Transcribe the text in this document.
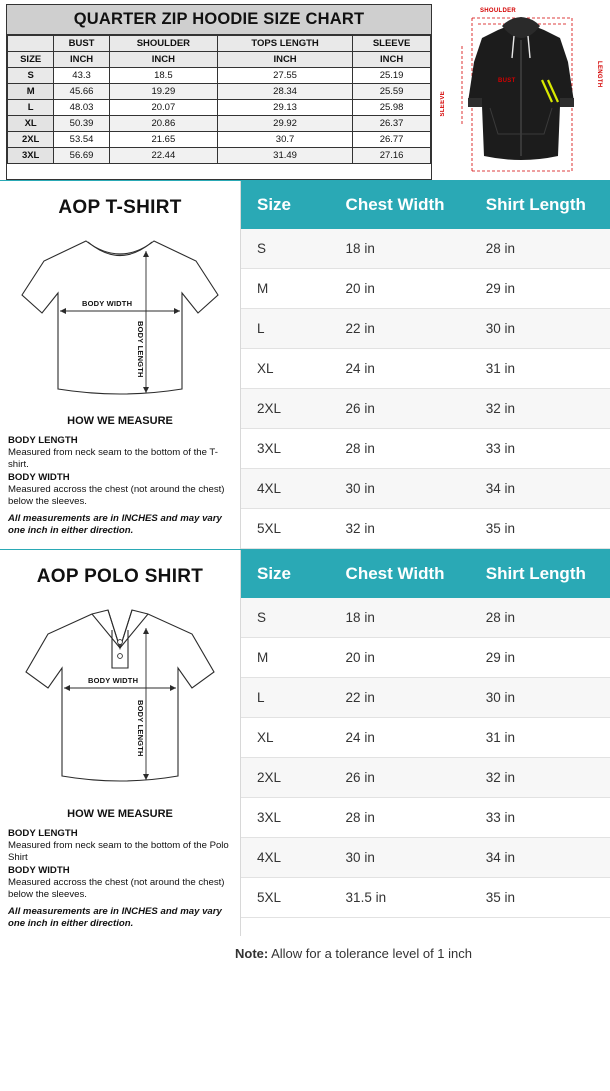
QUARTER ZIP HOODIE SIZE CHART
	BUST	SHOULDER	TOPS LENGTH	SLEEVE
SIZE	INCH	INCH	INCH	INCH
S	43.3	18.5	27.55	25.19
M	45.66	19.29	28.34	25.59
L	48.03	20.07	29.13	25.98
XL	50.39	20.86	29.92	26.37
2XL	53.54	21.65	30.7	26.77
3XL	56.69	22.44	31.49	27.16
SHOULDER
BUST	LENGTH
SLEEVE
AOP T-SHIRT
BODY WIDTH
BODY LENGTH
HOW WE MEASURE
BODY LENGTH
Measured from neck seam to the bottom of the T-shirt.
BODY WIDTH
Measured accross the chest (not around the chest) below the sleeves.
All measurements are in INCHES and may vary one inch in either direction.
Size	Chest Width	Shirt Length
S	18 in	28 in
M	20 in	29 in
L	22 in	30 in
XL	24 in	31 in
2XL	26 in	32 in
3XL	28 in	33 in
4XL	30 in	34 in
5XL	32 in	35 in
AOP POLO SHIRT
BODY WIDTH
BODY LENGTH
HOW WE MEASURE
BODY LENGTH
Measured from neck seam to the bottom of the Polo Shirt
BODY WIDTH
Measured accross the chest (not around the chest) below the sleeves.
All measurements are in INCHES and may vary one inch in either direction.
Size	Chest Width	Shirt Length
S	18 in	28 in
M	20 in	29 in
L	22 in	30 in
XL	24 in	31 in
2XL	26 in	32 in
3XL	28 in	33 in
4XL	30 in	34 in
5XL	31.5 in	35 in
Note: Allow for a tolerance level of 1 inch
